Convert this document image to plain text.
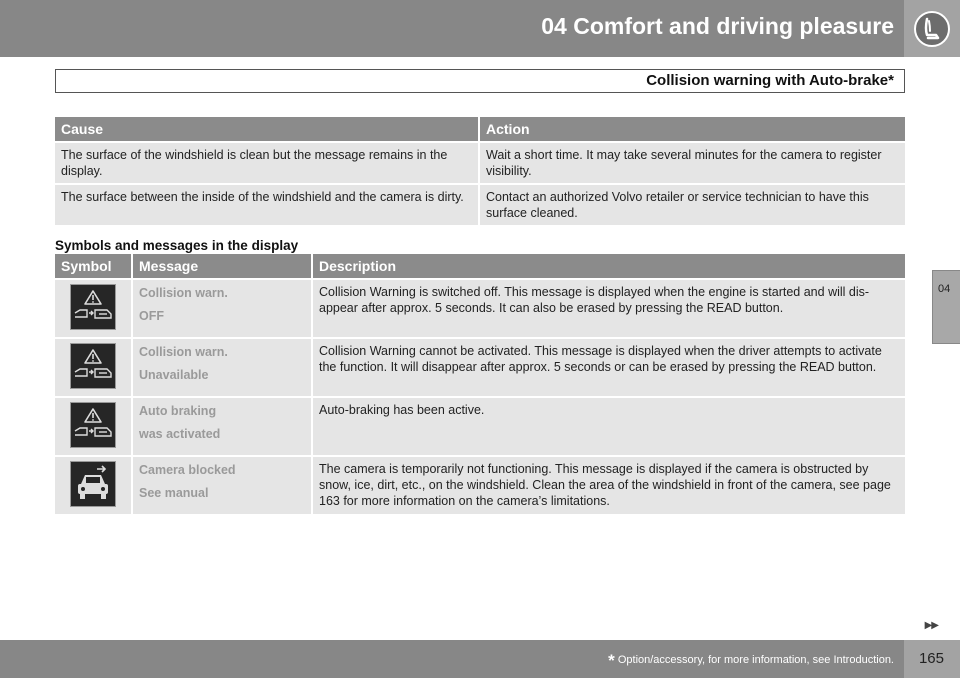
04 Comfort and driving pleasure
Collision warning with Auto-brake*
04
Cause	Action
The surface of the windshield is clean but the message remains in the display.	Wait a short time. It may take several minutes for the camera to register visibility.
The surface between the inside of the windshield and the camera is dirty.	Contact an authorized Volvo retailer or service technician to have this surface cleaned.
Symbols and messages in the display
Symbol	Message	Description

Collision warn.
OFF	Collision Warning is switched off. This message is displayed when the engine is started and will dis-appear after approx. 5 seconds. It can also be erased by pressing the READ button.

Collision warn.
Unavailable	Collision Warning cannot be activated. This message is displayed when the driver attempts to activate the function. It will disappear after approx. 5 seconds or can be erased by pressing the READ button.

Auto braking
was activated	Auto-braking has been active.

Camera blocked
See manual	The camera is temporarily not functioning. This message is displayed if the camera is obstructed by snow, ice, dirt, etc., on the windshield. Clean the area of the windshield in front of the camera, see page 163 for more information on the camera’s limitations.
▶▶
* Option/accessory, for more information, see Introduction. 165
